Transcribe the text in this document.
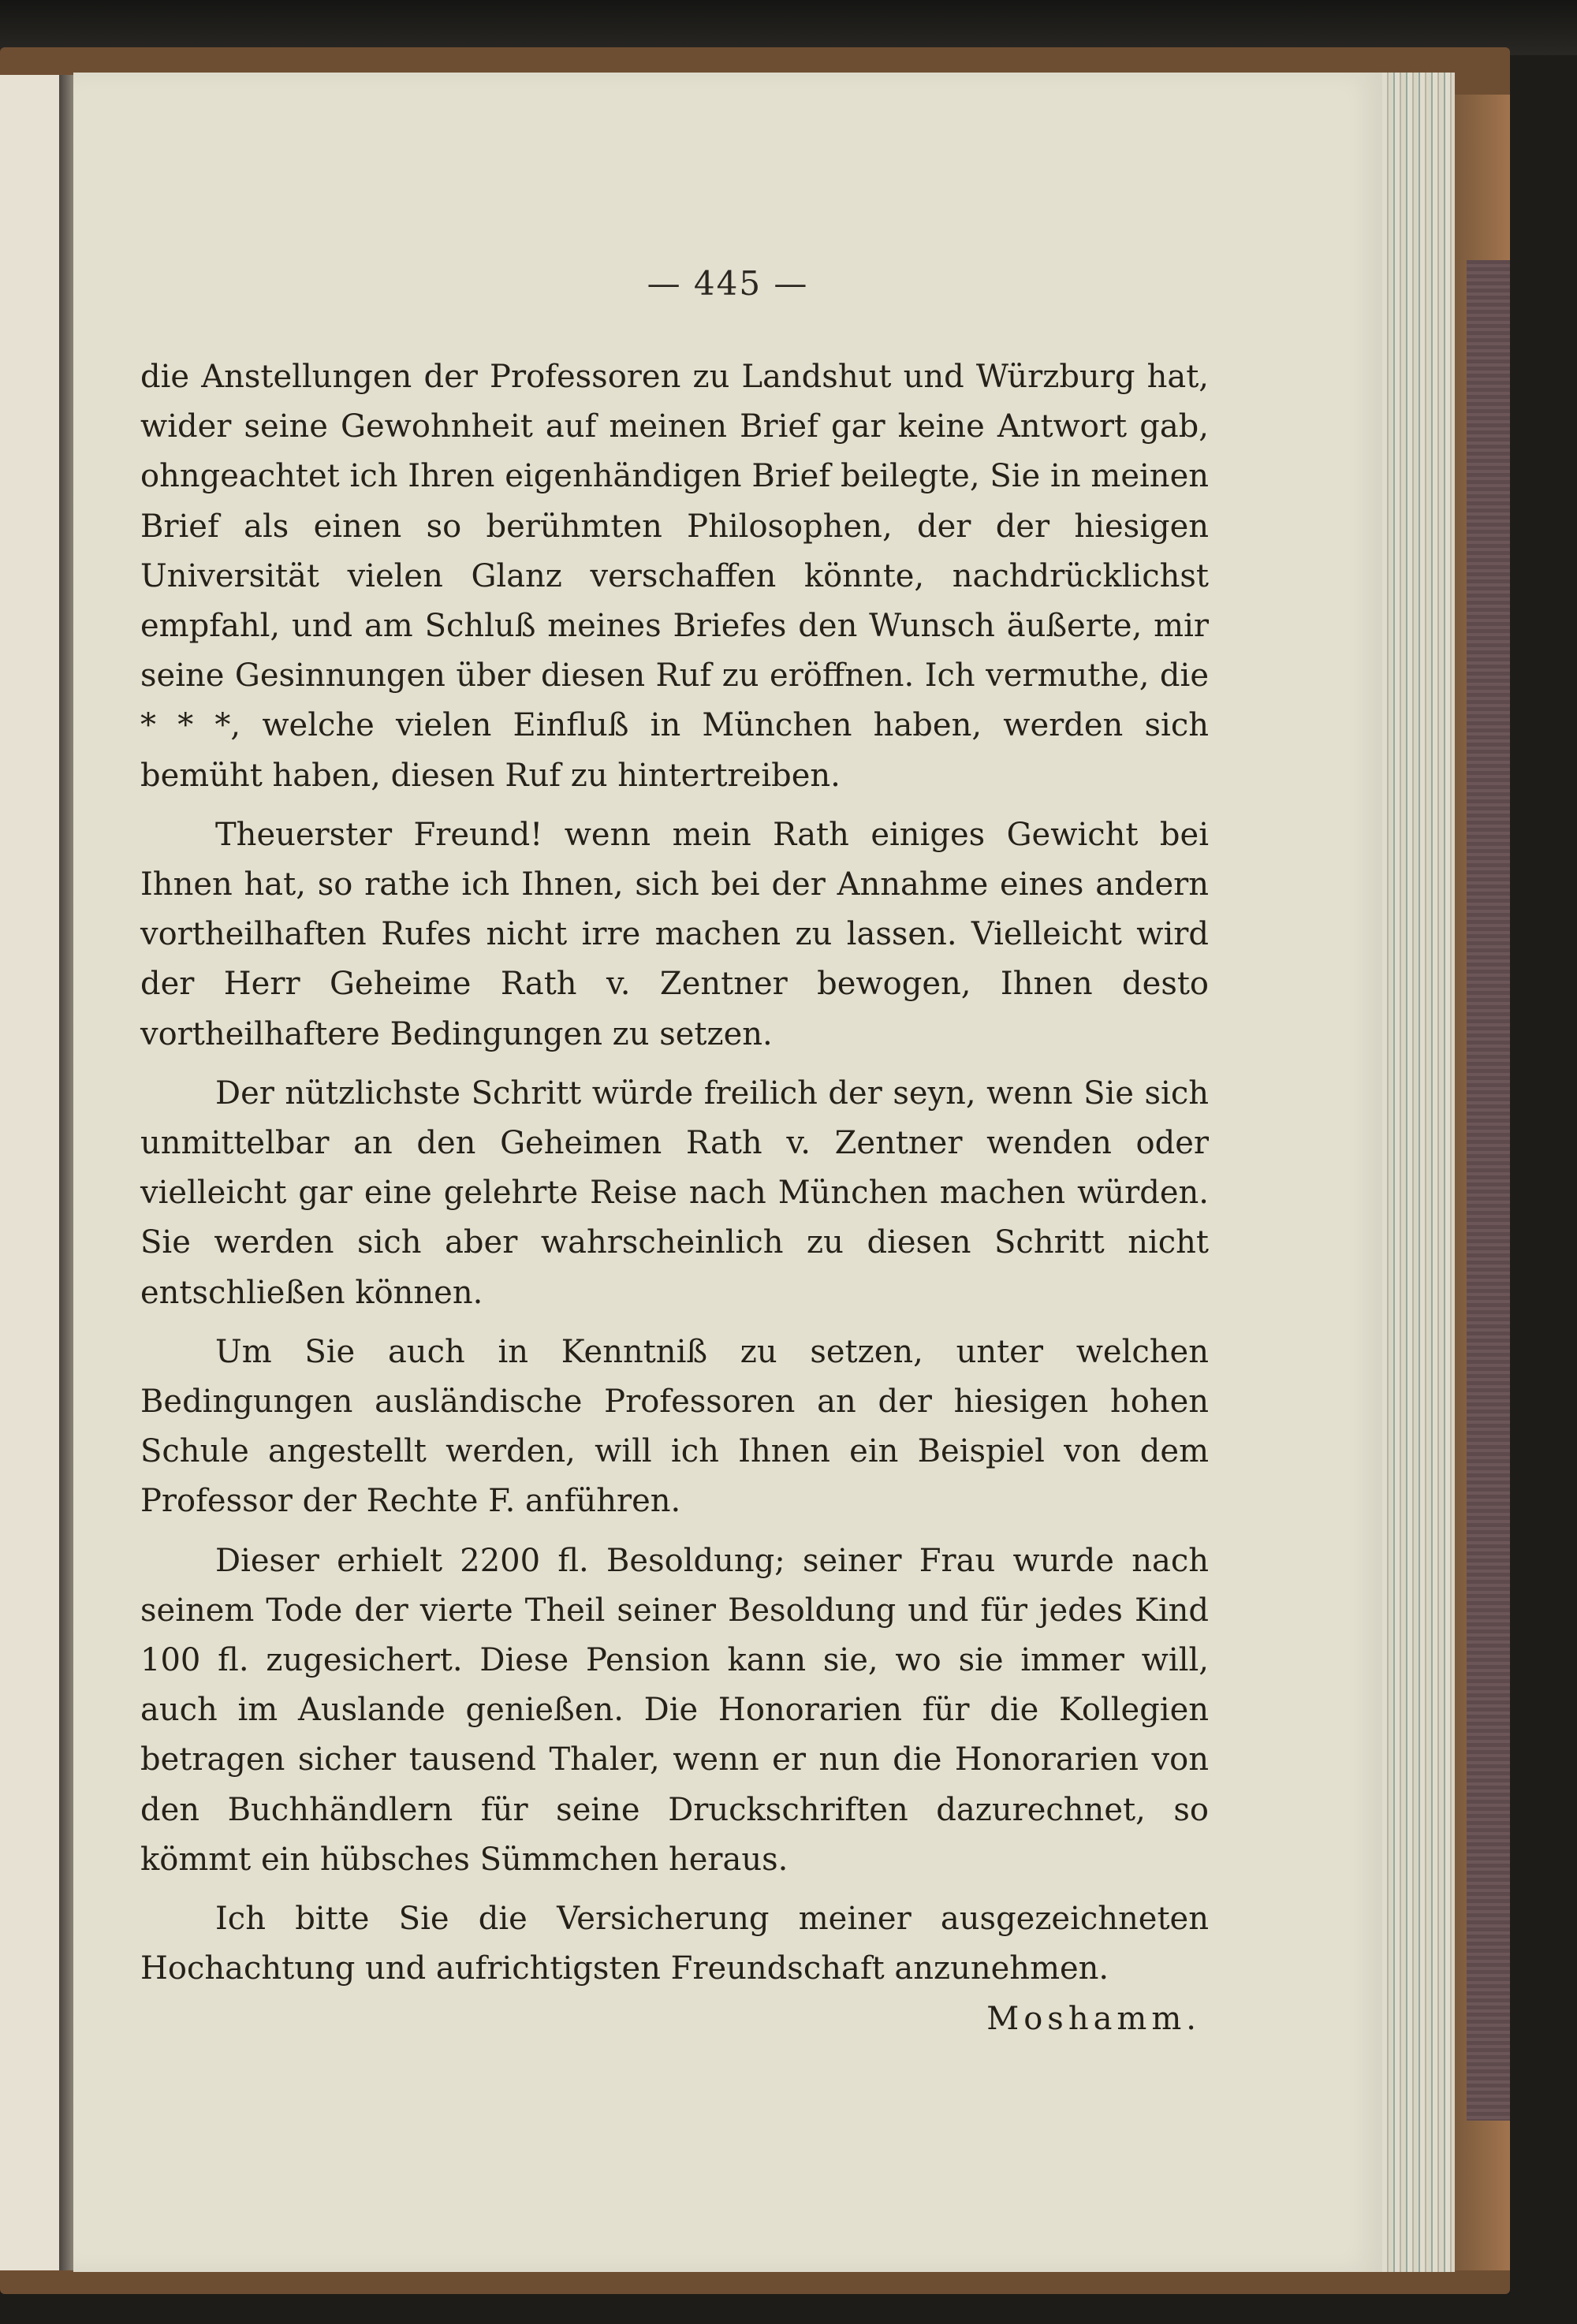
— 445 —

die Anstellungen der Professoren zu Landshut und Würzburg hat, wider seine Gewohnheit auf meinen Brief gar keine Antwort gab, ohngeachtet ich Ihren eigenhändigen Brief beilegte, Sie in meinen Brief als einen so berühmten Philosophen, der der hiesigen Universität vielen Glanz verschaffen könnte, nachdrücklichst empfahl, und am Schluß meines Briefes den Wunsch äußerte, mir seine Gesinnungen über diesen Ruf zu eröffnen. Ich vermuthe, die * * *, welche vielen Einfluß in München haben, werden sich bemüht haben, diesen Ruf zu hintertreiben.

Theuerster Freund! wenn mein Rath einiges Gewicht bei Ihnen hat, so rathe ich Ihnen, sich bei der Annahme eines andern vortheilhaften Rufes nicht irre machen zu lassen. Vielleicht wird der Herr Geheime Rath v. Zentner bewogen, Ihnen desto vortheilhaftere Bedingungen zu setzen.

Der nützlichste Schritt würde freilich der seyn, wenn Sie sich unmittelbar an den Geheimen Rath v. Zentner wenden oder vielleicht gar eine gelehrte Reise nach München machen würden. Sie werden sich aber wahrscheinlich zu diesen Schritt nicht entschließen können.

Um Sie auch in Kenntniß zu setzen, unter welchen Bedingungen ausländische Professoren an der hiesigen hohen Schule angestellt werden, will ich Ihnen ein Beispiel von dem Professor der Rechte F. anführen.

Dieser erhielt 2200 fl. Besoldung; seiner Frau wurde nach seinem Tode der vierte Theil seiner Besoldung und für jedes Kind 100 fl. zugesichert. Diese Pension kann sie, wo sie immer will, auch im Auslande genießen. Die Honorarien für die Kollegien betragen sicher tausend Thaler, wenn er nun die Honorarien von den Buchhändlern für seine Druckschriften dazurechnet, so kömmt ein hübsches Sümmchen heraus.

Ich bitte Sie die Versicherung meiner ausgezeichneten Hochachtung und aufrichtigsten Freundschaft anzunehmen.

Moshamm.
